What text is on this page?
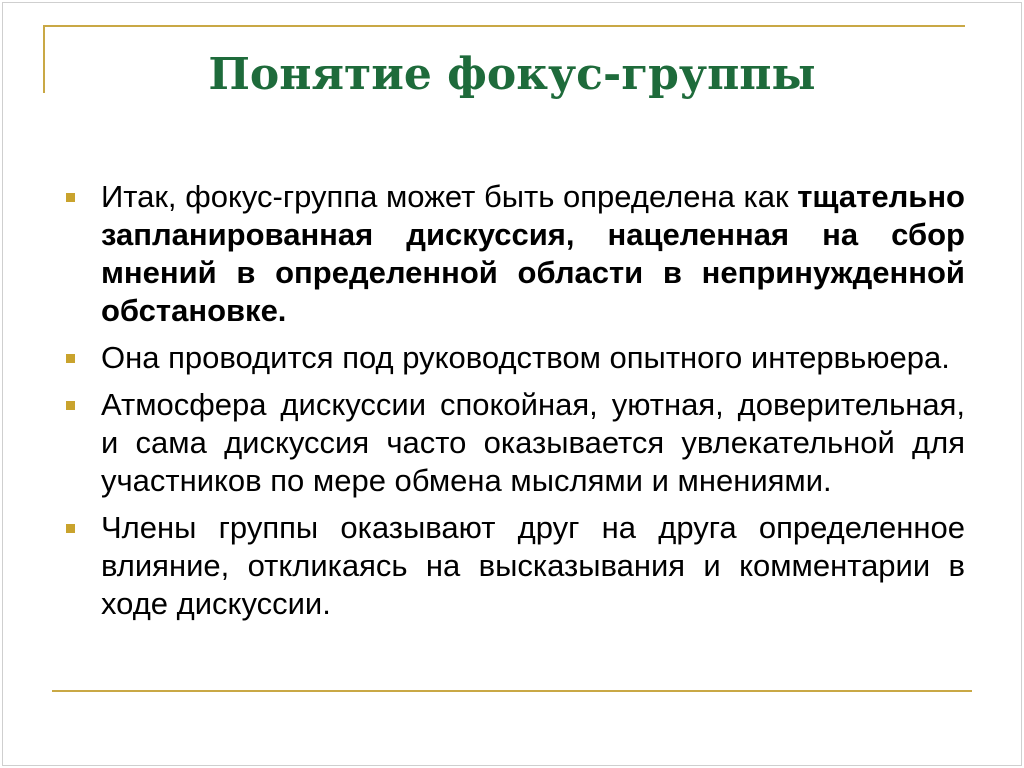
Понятие фокус-группы
Итак, фокус-группа может быть определена как тщательно запланированная дискуссия, нацеленная на сбор мнений в определенной области в непринужденной обстановке.
Она проводится под руководством опытного интервьюера.
Атмосфера дискуссии спокойная, уютная, доверительная, и сама дискуссия часто оказывается увлекательной для участников по мере обмена мыслями и мнениями.
Члены группы оказывают друг на друга определенное влияние, откликаясь на высказывания и комментарии в ходе дискуссии.
